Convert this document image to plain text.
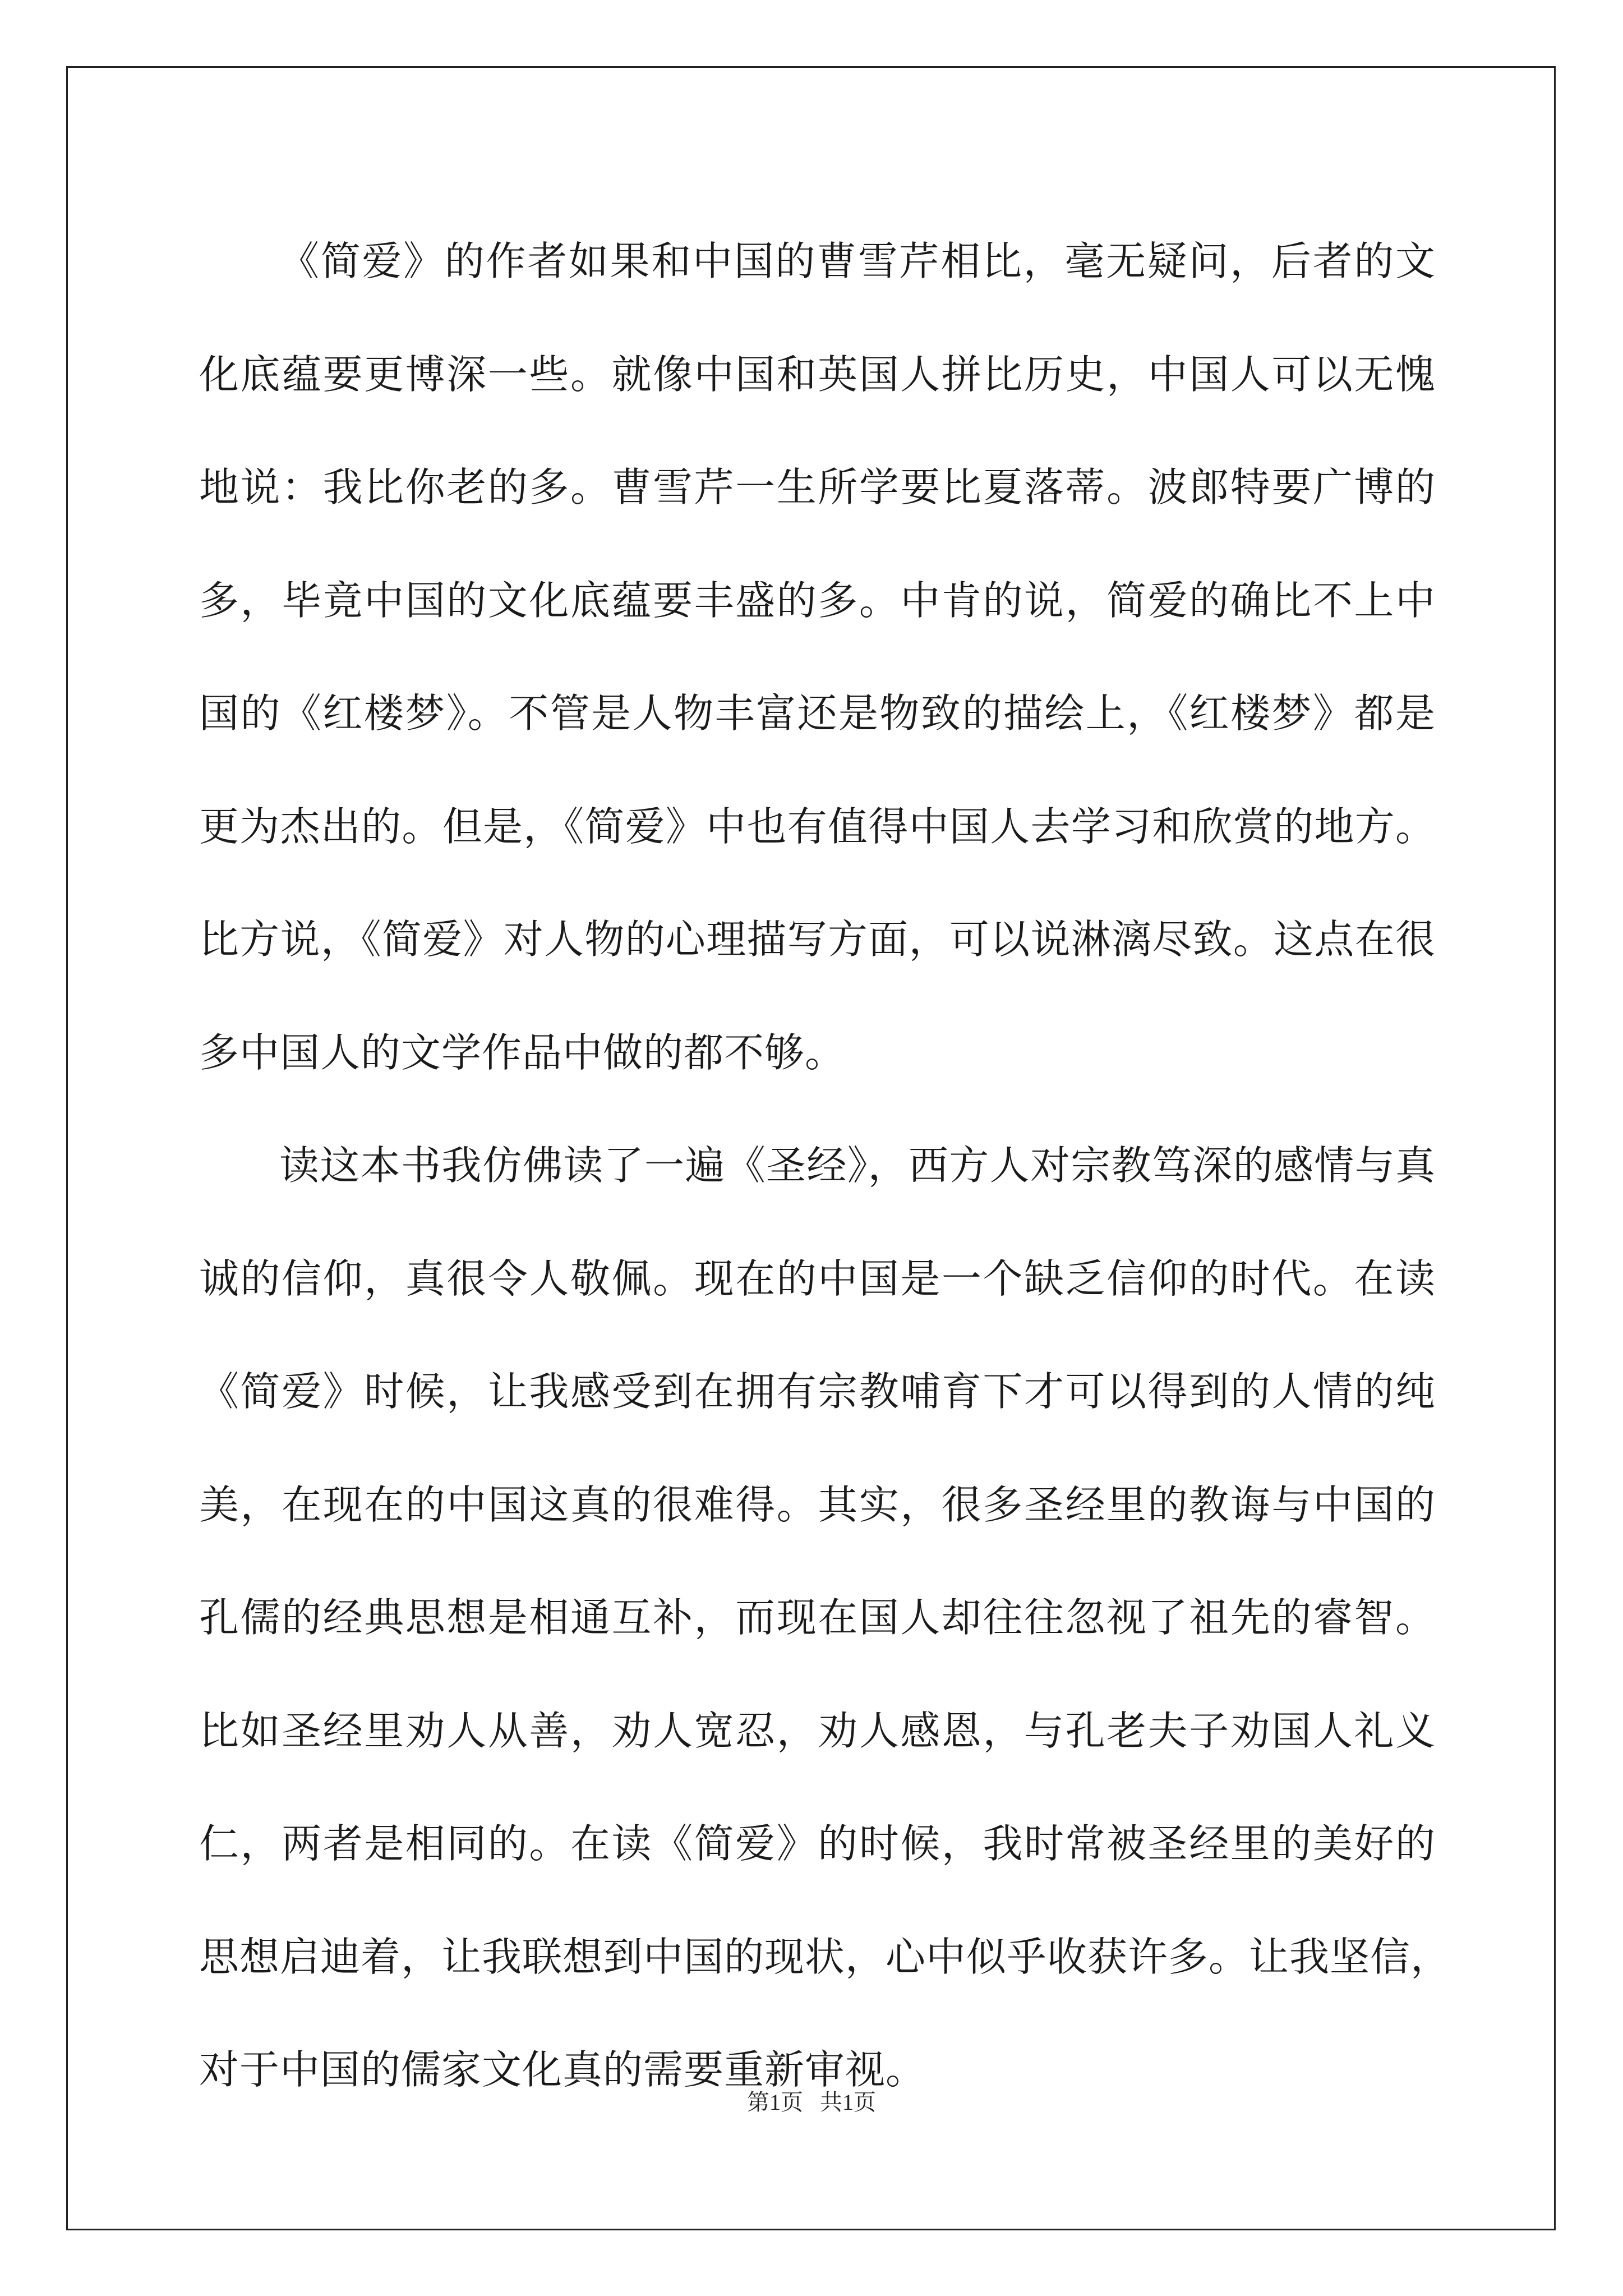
《简爱》的作者如果和中国的曹雪芹相比，毫无疑问，后者的文
化底蕴要更博深一些。就像中国和英国人拼比历史，中国人可以无愧
地说：我比你老的多。曹雪芹一生所学要比夏落蒂。波郎特要广博的
多，毕竟中国的文化底蕴要丰盛的多。中肯的说，简爱的确比不上中
国的《红楼梦》。不管是人物丰富还是物致的描绘上，《红楼梦》都是
更为杰出的。但是，《简爱》中也有值得中国人去学习和欣赏的地方。
比方说，《简爱》对人物的心理描写方面，可以说淋漓尽致。这点在很
多中国人的文学作品中做的都不够。
读这本书我仿佛读了一遍《圣经》，西方人对宗教笃深的感情与真
诚的信仰，真很令人敬佩。现在的中国是一个缺乏信仰的时代。在读
《简爱》时候，让我感受到在拥有宗教哺育下才可以得到的人情的纯
美，在现在的中国这真的很难得。其实，很多圣经里的教诲与中国的
孔儒的经典思想是相通互补，而现在国人却往往忽视了祖先的睿智。
比如圣经里劝人从善，劝人宽忍，劝人感恩，与孔老夫子劝国人礼义
仁，两者是相同的。在读《简爱》的时候，我时常被圣经里的美好的
思想启迪着，让我联想到中国的现状，心中似乎收获许多。让我坚信，
对于中国的儒家文化真的需要重新审视。
第1页   共1页
